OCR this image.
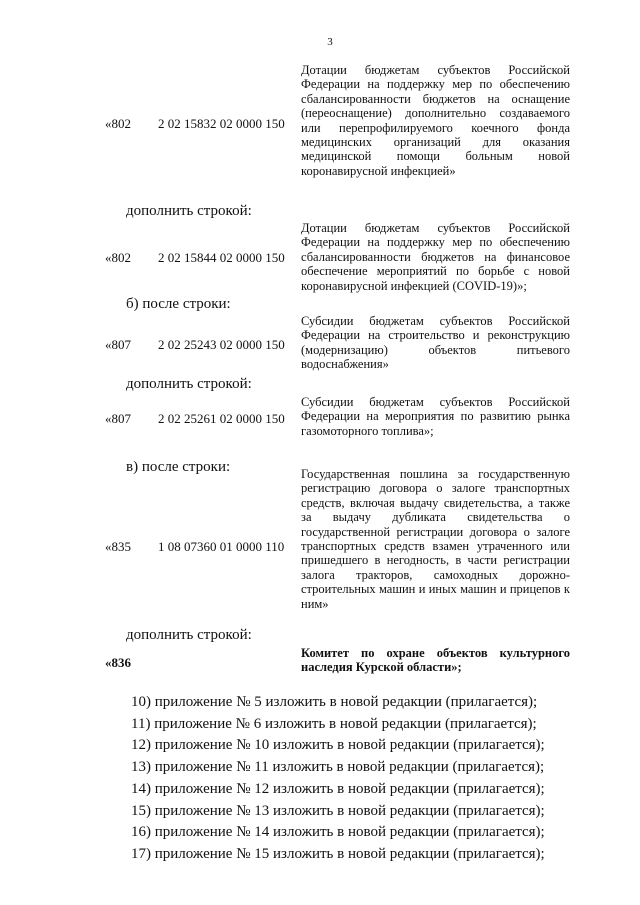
3
«802 2 02 15832 02 0000 150
Дотации бюджетам субъектов Российской Федерации на поддержку мер по обеспечению сбалансированности бюджетов на оснащение (переоснащение) дополнительно создаваемого или перепрофилируемого коечного фонда медицинских организаций для оказания медицинской помощи больным новой коронавирусной инфекцией»
дополнить строкой:
«802 2 02 15844 02 0000 150
Дотации бюджетам субъектов Российской Федерации на поддержку мер по обеспечению сбалансированности бюджетов на финансовое обеспечение мероприятий по борьбе с новой коронавирусной инфекцией (COVID-19)»;
б) после строки:
«807 2 02 25243 02 0000 150
Субсидии бюджетам субъектов Российской Федерации на строительство и реконструкцию (модернизацию) объектов питьевого водоснабжения»
дополнить строкой:
«807 2 02 25261 02 0000 150
Субсидии бюджетам субъектов Российской Федерации на мероприятия по развитию рынка газомоторного топлива»;
в) после строки:
«835 1 08 07360 01 0000 110
Государственная пошлина за государственную регистрацию договора о залоге транспортных средств, включая выдачу свидетельства, а также за выдачу дубликата свидетельства о государственной регистрации договора о залоге транспортных средств взамен утраченного или пришедшего в негодность, в части регистрации залога тракторов, самоходных дорожно-строительных машин и иных машин и прицепов к ним»
дополнить строкой:
«836
Комитет по охране объектов культурного наследия Курской области»;
10) приложение № 5 изложить в новой редакции (прилагается);
11) приложение № 6 изложить в новой редакции (прилагается);
12) приложение № 10 изложить в новой редакции (прилагается);
13) приложение № 11 изложить в новой редакции (прилагается);
14) приложение № 12 изложить в новой редакции (прилагается);
15) приложение № 13 изложить в новой редакции (прилагается);
16) приложение № 14 изложить в новой редакции (прилагается);
17) приложение № 15 изложить в новой редакции (прилагается);
